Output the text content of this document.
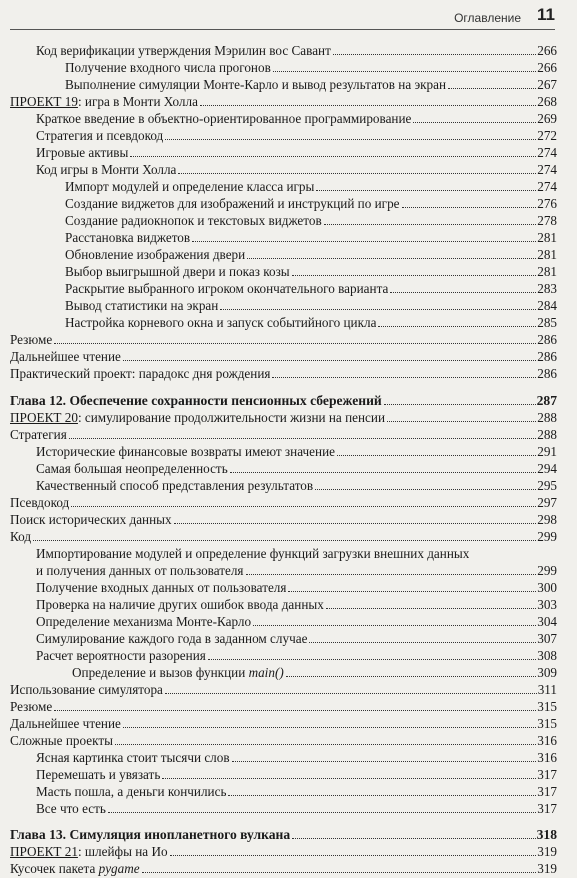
Оглавление 11
Код верификации утверждения Мэрилин вос Савант	266
Получение входного числа прогонов	266
Выполнение симуляции Монте-Карло и вывод результатов на экран	267
ПРОЕКТ 19: игра в Монти Холла	268
Краткое введение в объектно-ориентированное программирование	269
Стратегия и псевдокод	272
Игровые активы	274
Код игры в Монти Холла	274
Импорт модулей и определение класса игры	274
Создание виджетов для изображений и инструкций по игре	276
Создание радиокнопок и текстовых виджетов	278
Расстановка виджетов	281
Обновление изображения двери	281
Выбор выигрышной двери и показ козы	281
Раскрытие выбранного игроком окончательного варианта	283
Вывод статистики на экран	284
Настройка корневого окна и запуск событийного цикла	285
Резюме	286
Дальнейшее чтение	286
Практический проект: парадокс дня рождения	286
Глава 12. Обеспечение сохранности пенсионных сбережений	287
ПРОЕКТ 20: симулирование продолжительности жизни на пенсии	288
Стратегия	288
Исторические финансовые возвраты имеют значение	291
Самая большая неопределенность	294
Качественный способ представления результатов	295
Псевдокод	297
Поиск исторических данных	298
Код	299
Импортирование модулей и определение функций загрузки внешних данных
и получения данных от пользователя	299
Получение входных данных от пользователя	300
Проверка на наличие других ошибок ввода данных	303
Определение механизма Монте-Карло	304
Симулирование каждого года в заданном случае	307
Расчет вероятности разорения	308
Определение и вызов функции main()	309
Использование симулятора	311
Резюме	315
Дальнейшее чтение	315
Сложные проекты	316
Ясная картинка стоит тысячи слов	316
Перемешать и увязать	317
Масть пошла, а деньги кончились	317
Все что есть	317
Глава 13. Симуляция инопланетного вулкана	318
ПРОЕКТ 21: шлейфы на Ио	319
Кусочек пакета pygame	319
